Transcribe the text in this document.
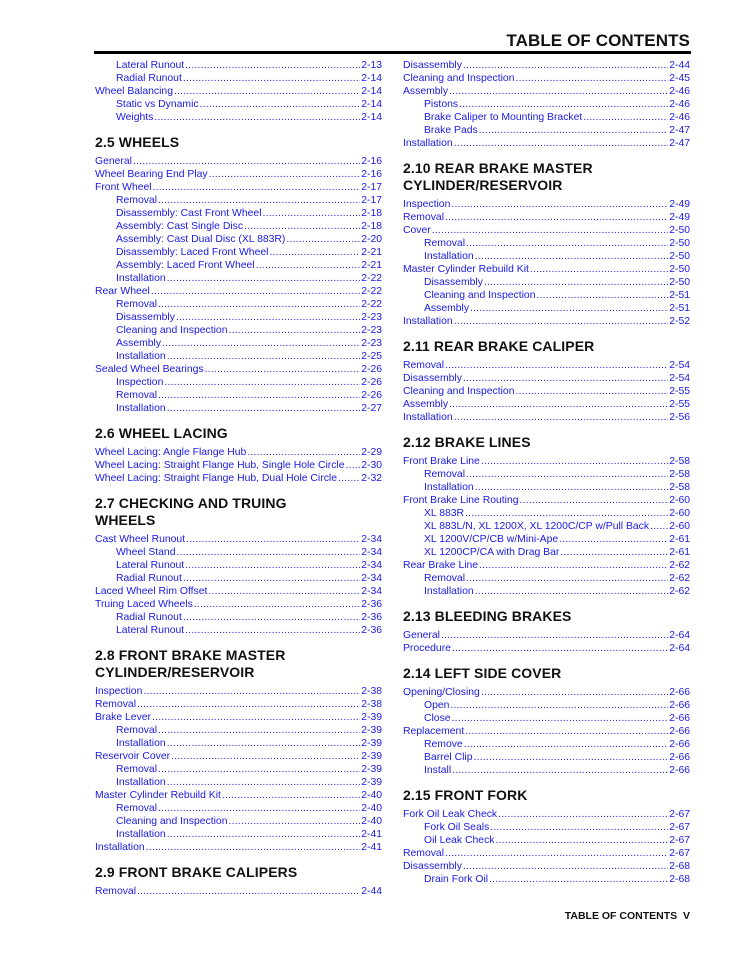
TABLE OF CONTENTS
Lateral Runout .....	2-13
Radial Runout .....	2-14
Wheel Balancing .....	2-14
Static vs Dynamic .....	2-14
Weights .....	2-14
2.5 WHEELS
General .....	2-16
Wheel Bearing End Play .....	2-16
Front Wheel .....	2-17
Removal .....	2-17
Disassembly: Cast Front Wheel .....	2-18
Assembly: Cast Single Disc .....	2-18
Assembly: Cast Dual Disc (XL 883R) .....	2-20
Disassembly: Laced Front Wheel .....	2-21
Assembly: Laced Front Wheel .....	2-21
Installation .....	2-22
Rear Wheel .....	2-22
Removal .....	2-22
Disassembly .....	2-23
Cleaning and Inspection .....	2-23
Assembly .....	2-23
Installation .....	2-25
Sealed Wheel Bearings .....	2-26
Inspection .....	2-26
Removal .....	2-26
Installation .....	2-27
2.6 WHEEL LACING
Wheel Lacing: Angle Flange Hub .....	2-29
Wheel Lacing: Straight Flange Hub, Single Hole Circle ..... 2-30
Wheel Lacing: Straight Flange Hub, Dual Hole Circle ..... 2-32
2.7 CHECKING AND TRUING WHEELS
Cast Wheel Runout .....	2-34
Wheel Stand .....	2-34
Lateral Runout .....	2-34
Radial Runout .....	2-34
Laced Wheel Rim Offset .....	2-34
Truing Laced Wheels .....	2-36
Radial Runout .....	2-36
Lateral Runout .....	2-36
2.8 FRONT BRAKE MASTER CYLINDER/RESERVOIR
Inspection .....	2-38
Removal .....	2-38
Brake Lever .....	2-39
Removal .....	2-39
Installation .....	2-39
Reservoir Cover .....	2-39
Removal .....	2-39
Installation .....	2-39
Master Cylinder Rebuild Kit .....	2-40
Removal .....	2-40
Cleaning and Inspection .....	2-40
Installation .....	2-41
Installation .....	2-41
2.9 FRONT BRAKE CALIPERS
Removal .....	2-44
Disassembly .....	2-44
Cleaning and Inspection .....	2-45
Assembly .....	2-46
Pistons .....	2-46
Brake Caliper to Mounting Bracket .....	2-46
Brake Pads .....	2-47
Installation .....	2-47
2.10 REAR BRAKE MASTER CYLINDER/RESERVOIR
Inspection .....	2-49
Removal .....	2-49
Cover .....	2-50
Removal .....	2-50
Installation .....	2-50
Master Cylinder Rebuild Kit .....	2-50
Disassembly .....	2-50
Cleaning and Inspection .....	2-51
Assembly .....	2-51
Installation .....	2-52
2.11 REAR BRAKE CALIPER
Removal .....	2-54
Disassembly .....	2-54
Cleaning and Inspection .....	2-55
Assembly .....	2-55
Installation .....	2-56
2.12 BRAKE LINES
Front Brake Line .....	2-58
Removal .....	2-58
Installation .....	2-58
Front Brake Line Routing .....	2-60
XL 883R .....	2-60
XL 883L/N, XL 1200X, XL 1200C/CP w/Pull Back ..... 2-60
XL 1200V/CP/CB w/Mini-Ape .....	2-61
XL 1200CP/CA with Drag Bar .....	2-61
Rear Brake Line .....	2-62
Removal .....	2-62
Installation .....	2-62
2.13 BLEEDING BRAKES
General .....	2-64
Procedure .....	2-64
2.14 LEFT SIDE COVER
Opening/Closing .....	2-66
Open .....	2-66
Close .....	2-66
Replacement .....	2-66
Remove .....	2-66
Barrel Clip .....	2-66
Install .....	2-66
2.15 FRONT FORK
Fork Oil Leak Check .....	2-67
Fork Oil Seals .....	2-67
Oil Leak Check .....	2-67
Removal .....	2-67
Disassembly .....	2-68
Drain Fork Oil .....	2-68
TABLE OF CONTENTS V
